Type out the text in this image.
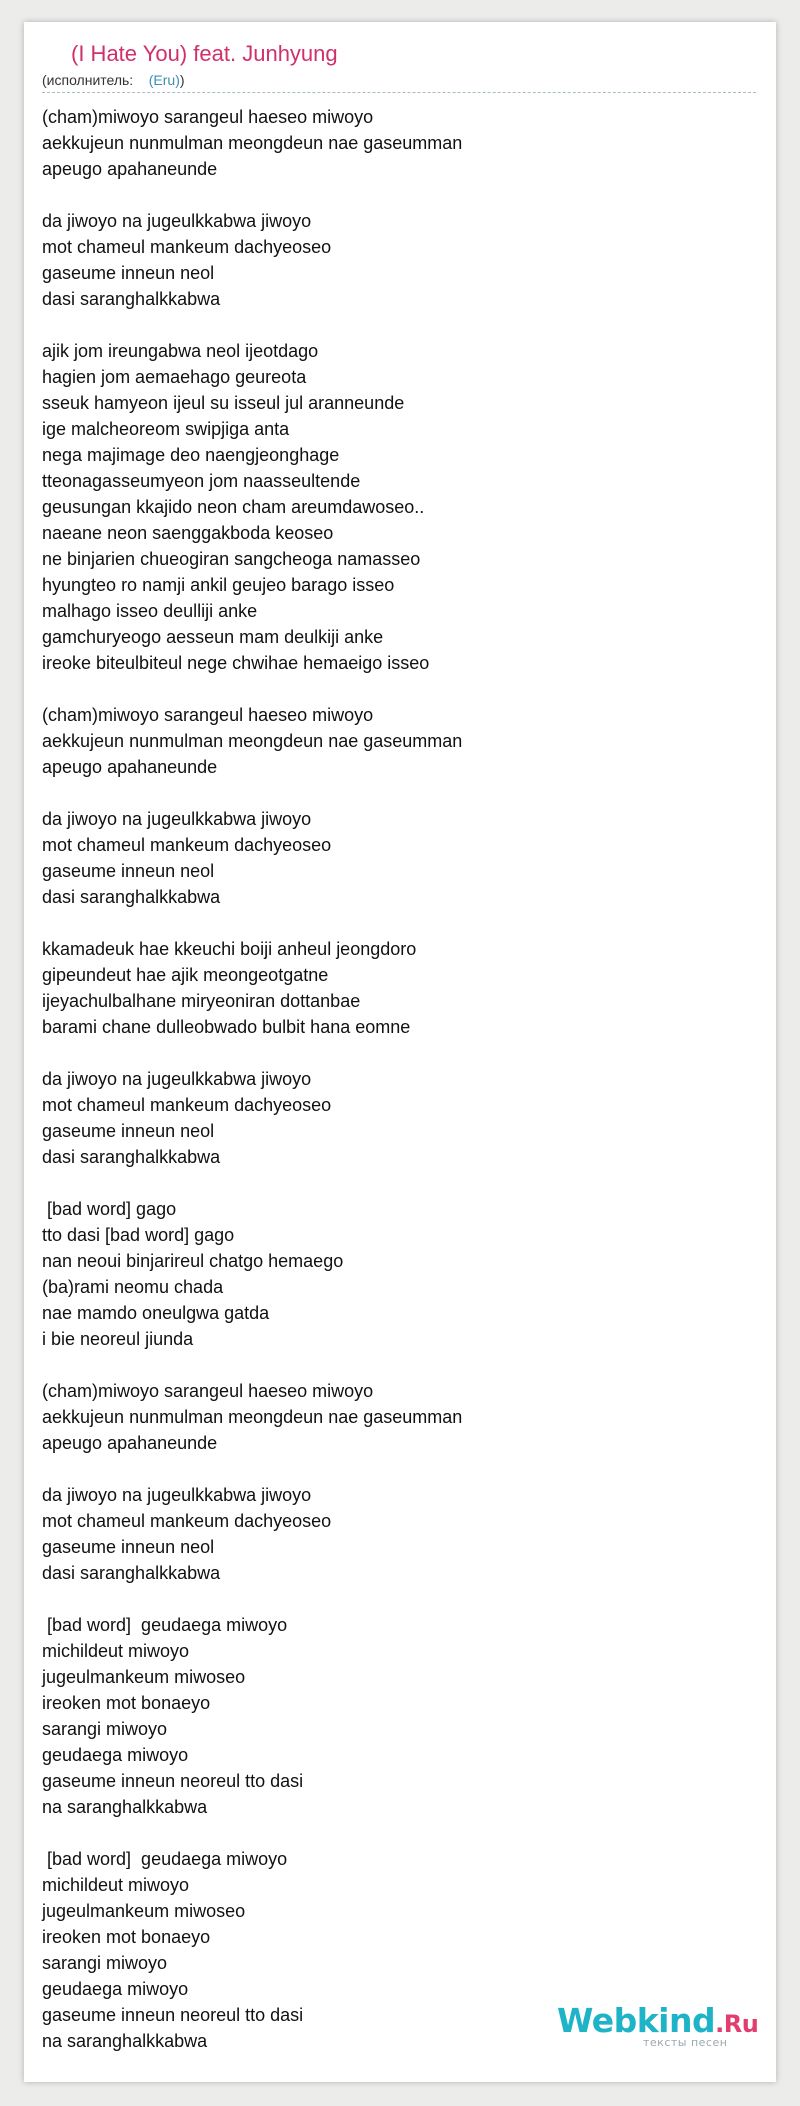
(I Hate You) feat. Junhyung
(исполнитель: (Eru))
(cham)miwoyo sarangeul haeseo miwoyo
aekkujeun nunmulman meongdeun nae gaseumman
apeugo apahaneunde
da jiwoyo na jugeulkkabwa jiwoyo
mot chameul mankeum dachyeoseo
gaseume inneun neol
dasi saranghalkkabwa
ajik jom ireungabwa neol ijeotdago
hagien jom aemaehago geureota
sseuk hamyeon ijeul su isseul jul aranneunde
ige malcheoreom swipjiga anta
nega majimage deo naengjeonghage
tteonagasseumyeon jom naasseultende
geusungan kkajido neon cham areumdawoseo..
naeane neon saenggakboda keoseo
ne binjarien chueogiran sangcheoga namasseo
hyungteo ro namji ankil geujeo barago isseo
malhago isseo deulliji anke
gamchuryeogo aesseun mam deulkiji anke
ireoke biteulbiteul nege chwihae hemaeigo isseo
(cham)miwoyo sarangeul haeseo miwoyo
aekkujeun nunmulman meongdeun nae gaseumman
apeugo apahaneunde
da jiwoyo na jugeulkkabwa jiwoyo
mot chameul mankeum dachyeoseo
gaseume inneun neol
dasi saranghalkkabwa
kkamadeuk hae kkeuchi boiji anheul jeongdoro
gipeundeut hae ajik meongeotgatne
ijeyachulbalhane miryeoniran dottanbae
barami chane dulleobwado bulbit hana eomne
da jiwoyo na jugeulkkabwa jiwoyo
mot chameul mankeum dachyeoseo
gaseume inneun neol
dasi saranghalkkabwa
[bad word] gago
tto dasi [bad word] gago
nan neoui binjarireul chatgo hemaego
(ba)rami neomu chada
nae mamdo oneulgwa gatda
i bie neoreul jiunda
(cham)miwoyo sarangeul haeseo miwoyo
aekkujeun nunmulman meongdeun nae gaseumman
apeugo apahaneunde
da jiwoyo na jugeulkkabwa jiwoyo
mot chameul mankeum dachyeoseo
gaseume inneun neol
dasi saranghalkkabwa
[bad word]  geudaega miwoyo
michildeut miwoyo
jugeulmankeum miwoseo
ireoken mot bonaeyo
sarangi miwoyo
geudaega miwoyo
gaseume inneun neoreul tto dasi
na saranghalkkabwa
[bad word]  geudaega miwoyo
michildeut miwoyo
jugeulmankeum miwoseo
ireoken mot bonaeyo
sarangi miwoyo
geudaega miwoyo
gaseume inneun neoreul tto dasi
na saranghalkkabwa
Webkind.Ru
тексты песен
